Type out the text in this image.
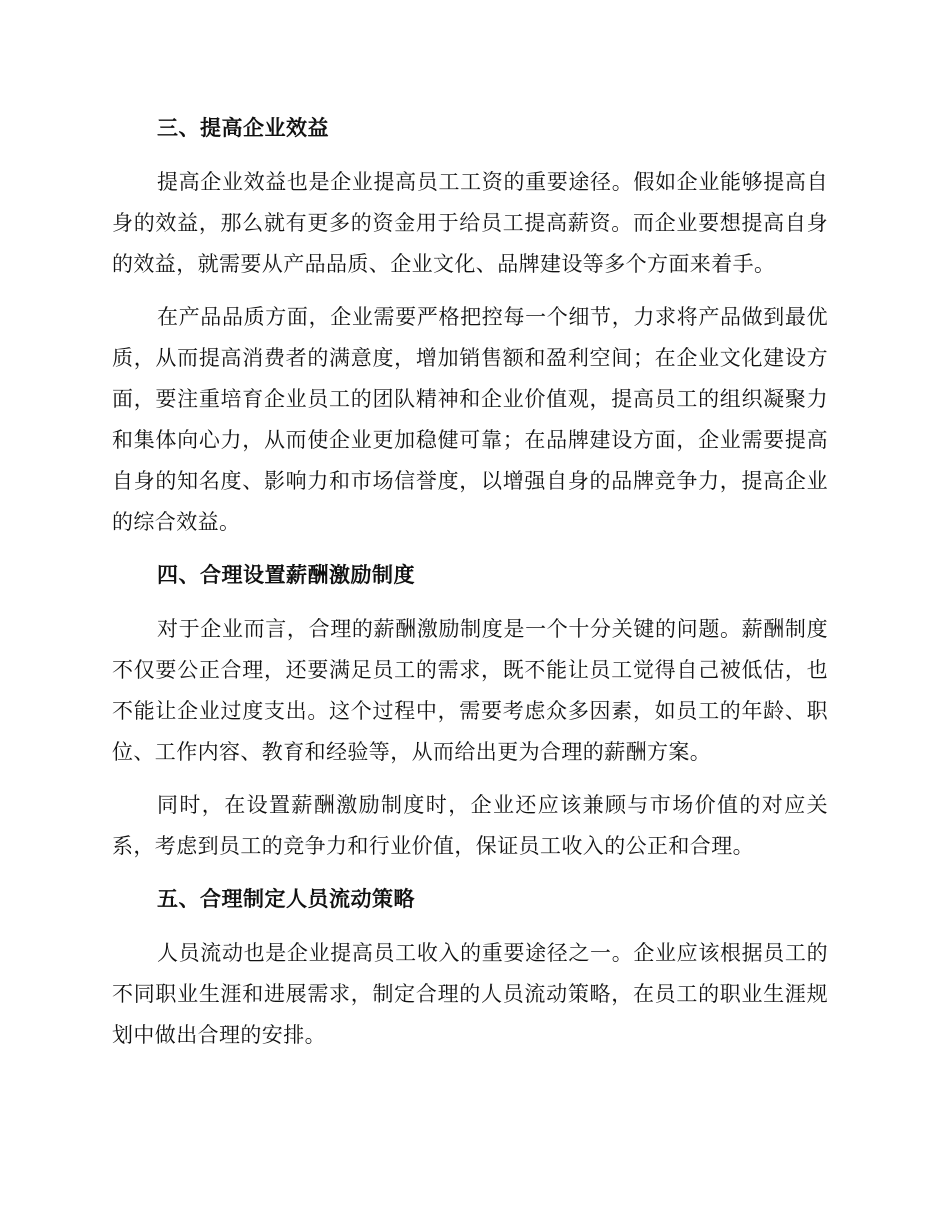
三、提高企业效益

提高企业效益也是企业提高员工工资的重要途径。假如企业能够提高自身的效益，那么就有更多的资金用于给员工提高薪资。而企业要想提高自身的效益，就需要从产品品质、企业文化、品牌建设等多个方面来着手。

在产品品质方面，企业需要严格把控每一个细节，力求将产品做到最优质，从而提高消费者的满意度，增加销售额和盈利空间；在企业文化建设方面，要注重培育企业员工的团队精神和企业价值观，提高员工的组织凝聚力和集体向心力，从而使企业更加稳健可靠；在品牌建设方面，企业需要提高自身的知名度、影响力和市场信誉度，以增强自身的品牌竞争力，提高企业的综合效益。

四、合理设置薪酬激励制度

对于企业而言，合理的薪酬激励制度是一个十分关键的问题。薪酬制度不仅要公正合理，还要满足员工的需求，既不能让员工觉得自己被低估，也不能让企业过度支出。这个过程中，需要考虑众多因素，如员工的年龄、职位、工作内容、教育和经验等，从而给出更为合理的薪酬方案。

同时，在设置薪酬激励制度时，企业还应该兼顾与市场价值的对应关系，考虑到员工的竞争力和行业价值，保证员工收入的公正和合理。

五、合理制定人员流动策略

人员流动也是企业提高员工收入的重要途径之一。企业应该根据员工的不同职业生涯和进展需求，制定合理的人员流动策略，在员工的职业生涯规划中做出合理的安排。
